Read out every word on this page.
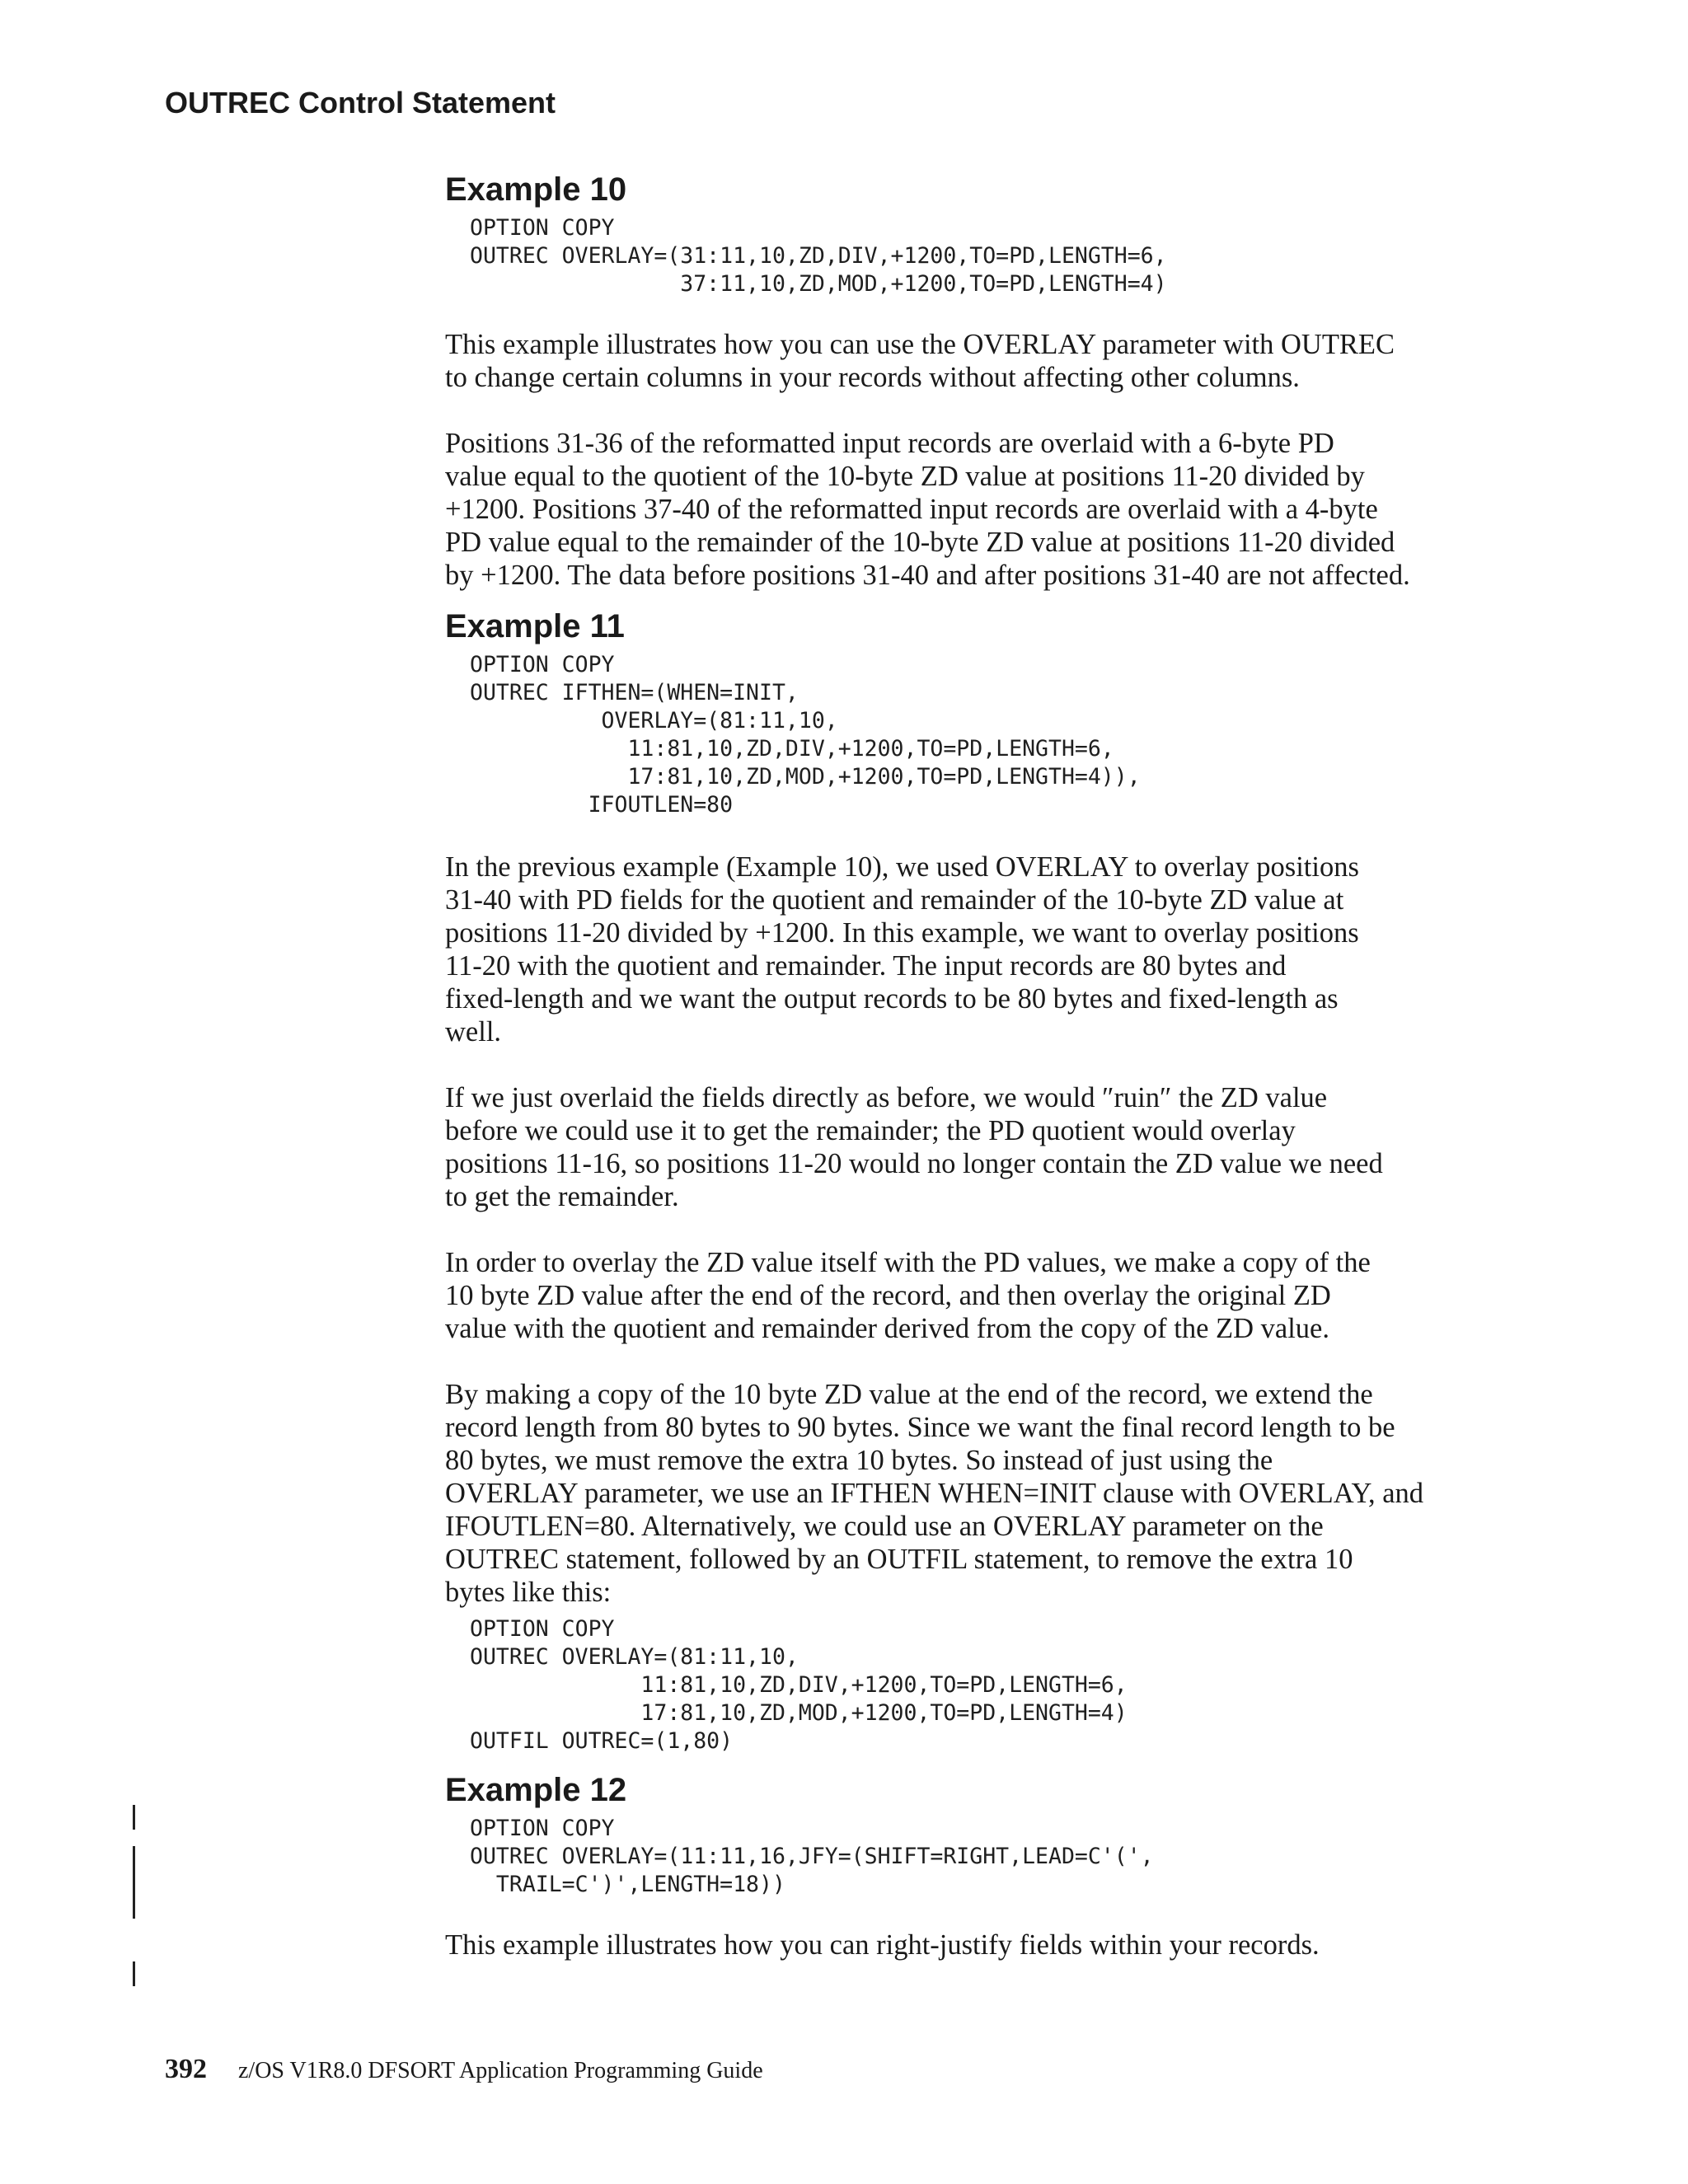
OUTREC Control Statement
Example 10
OPTION COPY
OUTREC OVERLAY=(31:11,10,ZD,DIV,+1200,TO=PD,LENGTH=6,
37:11,10,ZD,MOD,+1200,TO=PD,LENGTH=4)

This example illustrates how you can use the OVERLAY parameter with OUTREC
to change certain columns in your records without affecting other columns.

Positions 31-36 of the reformatted input records are overlaid with a 6-byte PD
value equal to the quotient of the 10-byte ZD value at positions 11-20 divided by
+1200. Positions 37-40 of the reformatted input records are overlaid with a 4-byte
PD value equal to the remainder of the 10-byte ZD value at positions 11-20 divided
by +1200. The data before positions 31-40 and after positions 31-40 are not affected.

Example 11
OPTION COPY
OUTREC IFTHEN=(WHEN=INIT,
OVERLAY=(81:11,10,
11:81,10,ZD,DIV,+1200,TO=PD,LENGTH=6,
17:81,10,ZD,MOD,+1200,TO=PD,LENGTH=4)),
IFOUTLEN=80

In the previous example (Example 10), we used OVERLAY to overlay positions
31-40 with PD fields for the quotient and remainder of the 10-byte ZD value at
positions 11-20 divided by +1200. In this example, we want to overlay positions
11-20 with the quotient and remainder. The input records are 80 bytes and
fixed-length and we want the output records to be 80 bytes and fixed-length as
well.

If we just overlaid the fields directly as before, we would ″ruin″ the ZD value
before we could use it to get the remainder; the PD quotient would overlay
positions 11-16, so positions 11-20 would no longer contain the ZD value we need
to get the remainder.

In order to overlay the ZD value itself with the PD values, we make a copy of the
10 byte ZD value after the end of the record, and then overlay the original ZD
value with the quotient and remainder derived from the copy of the ZD value.

By making a copy of the 10 byte ZD value at the end of the record, we extend the
record length from 80 bytes to 90 bytes. Since we want the final record length to be
80 bytes, we must remove the extra 10 bytes. So instead of just using the
OVERLAY parameter, we use an IFTHEN WHEN=INIT clause with OVERLAY, and
IFOUTLEN=80. Alternatively, we could use an OVERLAY parameter on the
OUTREC statement, followed by an OUTFIL statement, to remove the extra 10
bytes like this:

OPTION COPY
OUTREC OVERLAY=(81:11,10,
11:81,10,ZD,DIV,+1200,TO=PD,LENGTH=6,
17:81,10,ZD,MOD,+1200,TO=PD,LENGTH=4)
OUTFIL OUTREC=(1,80)
Example 12
OPTION COPY
OUTREC OVERLAY=(11:11,16,JFY=(SHIFT=RIGHT,LEAD=C'(',
TRAIL=C')',LENGTH=18))

This example illustrates how you can right-justify fields within your records.

392 z/OS V1R8.0 DFSORT Application Programming Guide
